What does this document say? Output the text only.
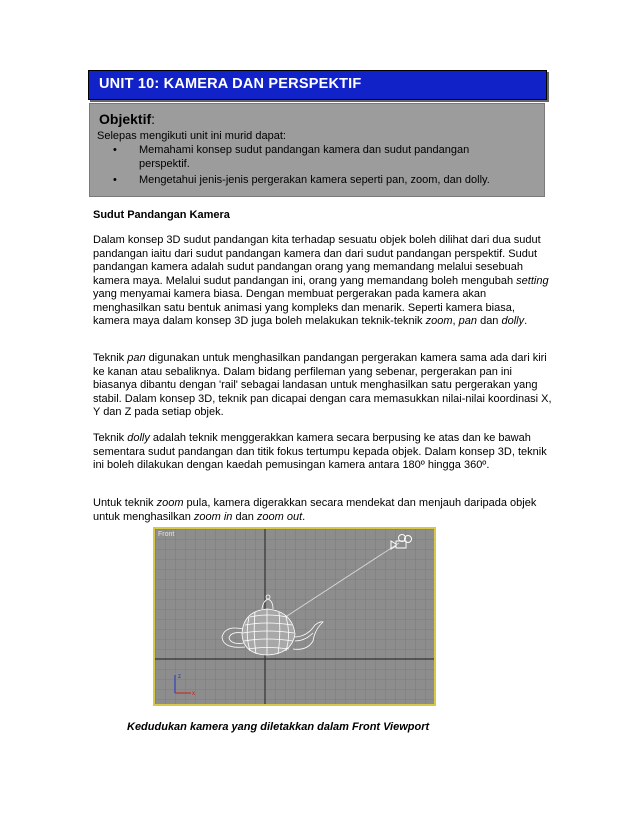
UNIT 10: KAMERA DAN PERSPEKTIF
Objektif:
Selepas mengikuti unit ini murid dapat:
• Memahami konsep sudut pandangan kamera dan sudut pandangan perspektif.
• Mengetahui jenis-jenis pergerakan kamera seperti pan, zoom, dan dolly.
Sudut Pandangan Kamera
Dalam konsep 3D sudut pandangan kita terhadap sesuatu objek boleh dilihat dari dua sudut pandangan iaitu dari sudut pandangan kamera dan dari sudut pandangan perspektif. Sudut pandangan kamera adalah sudut pandangan orang yang memandang melalui sesebuah kamera maya. Melalui sudut pandangan ini, orang yang memandang boleh mengubah setting yang menyamai kamera biasa. Dengan membuat pergerakan pada kamera akan menghasilkan satu bentuk animasi yang kompleks dan menarik. Seperti kamera biasa, kamera maya dalam konsep 3D juga boleh melakukan teknik-teknik zoom, pan dan dolly.
Teknik pan digunakan untuk menghasilkan pandangan pergerakan kamera sama ada dari kiri ke kanan atau sebaliknya. Dalam bidang perfileman yang sebenar, pergerakan pan ini biasanya dibantu dengan 'rail' sebagai landasan untuk menghasilkan satu pergerakan yang stabil. Dalam konsep 3D, teknik pan dicapai dengan cara memasukkan nilai-nilai koordinasi X, Y dan Z pada setiap objek.
Teknik dolly adalah teknik menggerakkan kamera secara berpusing ke atas dan ke bawah sementara sudut pandangan dan titik fokus tertumpu kepada objek. Dalam konsep 3D, teknik ini boleh dilakukan dengan kaedah pemusingan kamera antara 180º hingga 360º.
Untuk teknik zoom pula, kamera digerakkan secara mendekat dan menjauh daripada objek untuk menghasilkan zoom in dan zoom out.
z
x
Front
Kedudukan kamera yang diletakkan dalam Front Viewport
